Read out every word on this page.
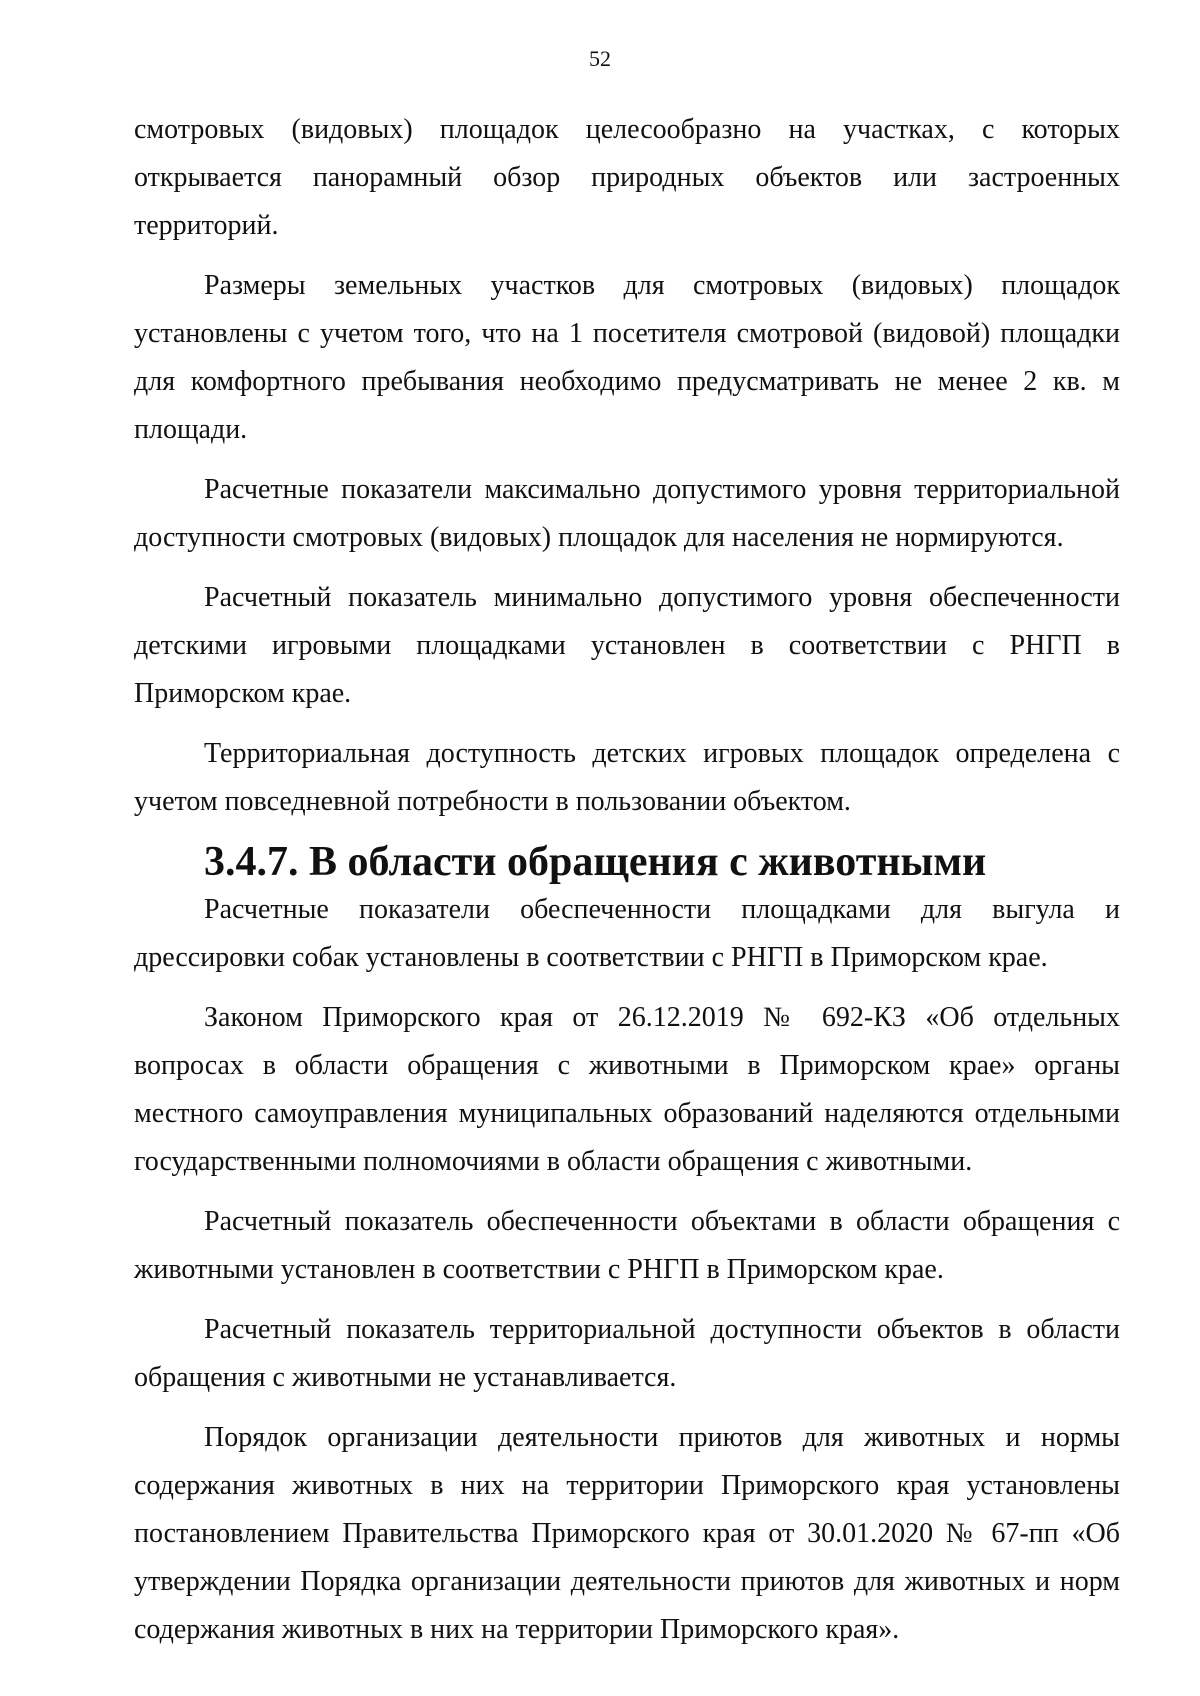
52

смотровых (видовых) площадок целесообразно на участках, с которых открывается панорамный обзор природных объектов или застроенных территорий.

Размеры земельных участков для смотровых (видовых) площадок установлены с учетом того, что на 1 посетителя смотровой (видовой) площадки для комфортного пребывания необходимо предусматривать не менее 2 кв. м площади.

Расчетные показатели максимально допустимого уровня территориальной доступности смотровых (видовых) площадок для населения не нормируются.

Расчетный показатель минимально допустимого уровня обеспеченности детскими игровыми площадками установлен в соответствии с РНГП в Приморском крае.

Территориальная доступность детских игровых площадок определена с учетом повседневной потребности в пользовании объектом.

3.4.7. В области обращения с животными

Расчетные показатели обеспеченности площадками для выгула и дрессировки собак установлены в соответствии с РНГП в Приморском крае.

Законом Приморского края от 26.12.2019 № 692-КЗ «Об отдельных вопросах в области обращения с животными в Приморском крае» органы местного самоуправления муниципальных образований наделяются отдельными государственными полномочиями в области обращения с животными.

Расчетный показатель обеспеченности объектами в области обращения с животными установлен в соответствии с РНГП в Приморском крае.

Расчетный показатель территориальной доступности объектов в области обращения с животными не устанавливается.

Порядок организации деятельности приютов для животных и нормы содержания животных в них на территории Приморского края установлены постановлением Правительства Приморского края от 30.01.2020 № 67-пп «Об утверждении Порядка организации деятельности приютов для животных и норм содержания животных в них на территории Приморского края».
